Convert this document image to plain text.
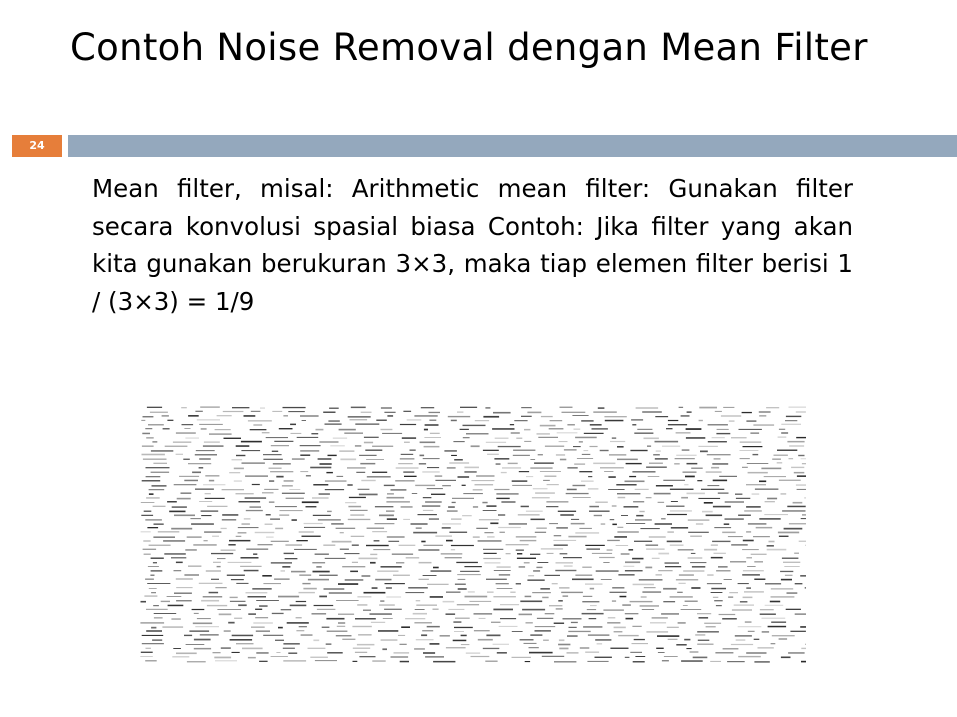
Contoh Noise Removal dengan Mean Filter
24

Mean filter, misal: Arithmetic mean filter: Gunakan filter secara konvolusi spasial biasa Contoh: Jika filter yang akan kita gunakan berukuran 3×3, maka tiap elemen filter berisi 1 / (3×3) = 1/9
